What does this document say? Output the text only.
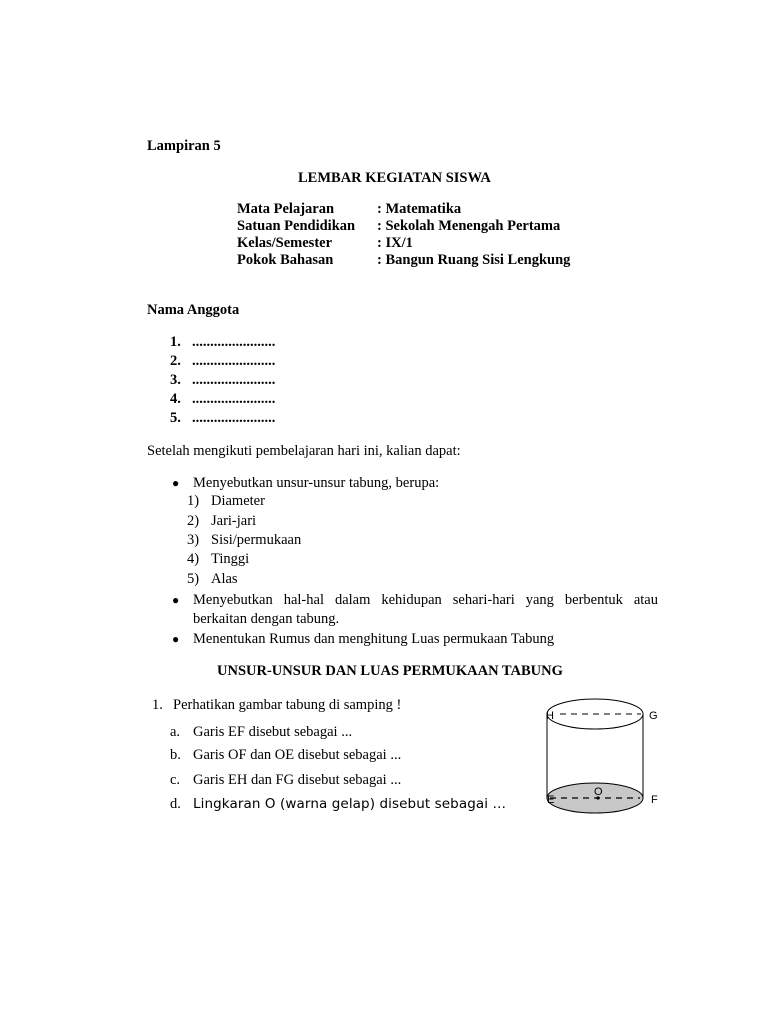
Lampiran 5
LEMBAR KEGIATAN SISWA
Mata Pelajaran	: Matematika
Satuan Pendidikan : Sekolah Menengah Pertama
Kelas/Semester	: IX/1
Pokok Bahasan	: Bangun Ruang Sisi Lengkung
Nama Anggota
1. .......................
2. .......................
3. .......................
4. .......................
5. .......................
Setelah mengikuti pembelajaran hari ini, kalian dapat:
● Menyebutkan unsur-unsur tabung, berupa:
1) Diameter
2) Jari-jari
3) Sisi/permukaan
4) Tinggi
5) Alas
● Menyebutkan hal-hal dalam kehidupan sehari-hari yang berbentuk atau
berkaitan dengan tabung.
● Menentukan Rumus dan menghitung Luas permukaan Tabung
UNSUR-UNSUR DAN LUAS PERMUKAAN TABUNG
1. Perhatikan gambar tabung di samping !
a. Garis EF disebut sebagai ...
b. Garis OF dan OE disebut sebagai ...
c. Garis EH dan FG disebut sebagai ...
d. Lingkaran O (warna gelap) disebut sebagai …
H	G
E	F
O
